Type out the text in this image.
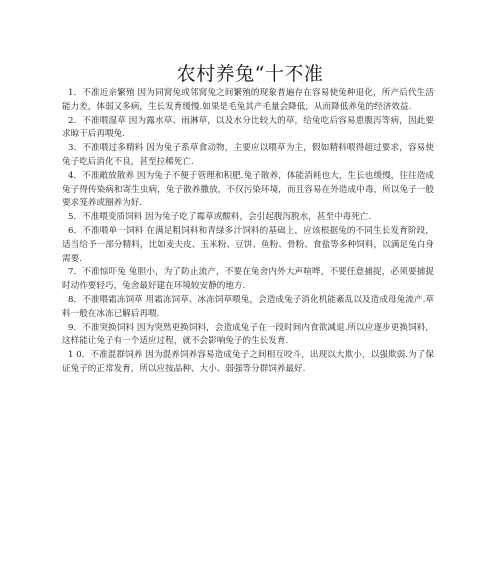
农村养兔“十不准

1．不准近亲繁殖 因为同窝兔或邻窝兔之间繁殖的现象普遍存在容易使兔种退化，所产后代生活能力差，体弱又多病，生长发育缓慢.如果是毛兔其产毛量会降低，从而降低养兔的经济效益.

2．不准喂湿草 因为露水草、雨淋草，以及水分比较大的草，给兔吃后容易患腹泻等病，因此要求晾干后再喂兔.

3．不准喂过多精料 因为兔子系草食动物，主要应以喂草为主，假如精料喂得超过要求，容易使兔子吃后消化不良，甚至拉稀死亡.

4．不准敞放散养 因为兔子不便于管理和积肥.兔子散养，体能消耗也大，生长也缓慢，往往造成兔子得传染病和寄生虫病，兔子散养撒放，不仅污染环境，而且容易在外造成中毒，所以兔子一般要求笼养或圈养为好.

5．不准喂变质饲料 因为兔子吃了霉草或酸料，会引起腹泻脱水，甚至中毒死亡.

6．不准喂单一饲料 在满足粗饲料和青绿多汁饲料的基础上，应该根据兔的不同生长发育阶段，适当给予一部分精料，比如麦夫皮、玉米粉、豆饼、鱼粉、骨粉、食盐等多种饲料，以满足兔白身需要.

7．不准惊吓兔 兔胆小，为了防止流产，不要在兔舍内外大声喧哗，不要任意捕捉，必须要捕捉时动作要轻巧，兔舍最好建在环境较安静的地方.

8．不准喂霜冻饲草 用霜冻饲草、冰冻饲草喂兔，会造成兔子消化机能紊乱以及造成母兔流产.草料一般在冰冻已解后再喂.

9．不准突换饲料 因为突然更换饲料，会造成兔子在一段时间内食欲减退.所以应逐步更换饲料，这样能让兔子有一个适应过程，就不会影响兔子的生长发育.

1 0．不准混群饲养 因为混养饲养容易造成兔子之间相互咬斗，出现以大欺小，以强欺弱.为了保证兔子的正常发育，所以应按品种、大小、弱强等分群饲养最好.
